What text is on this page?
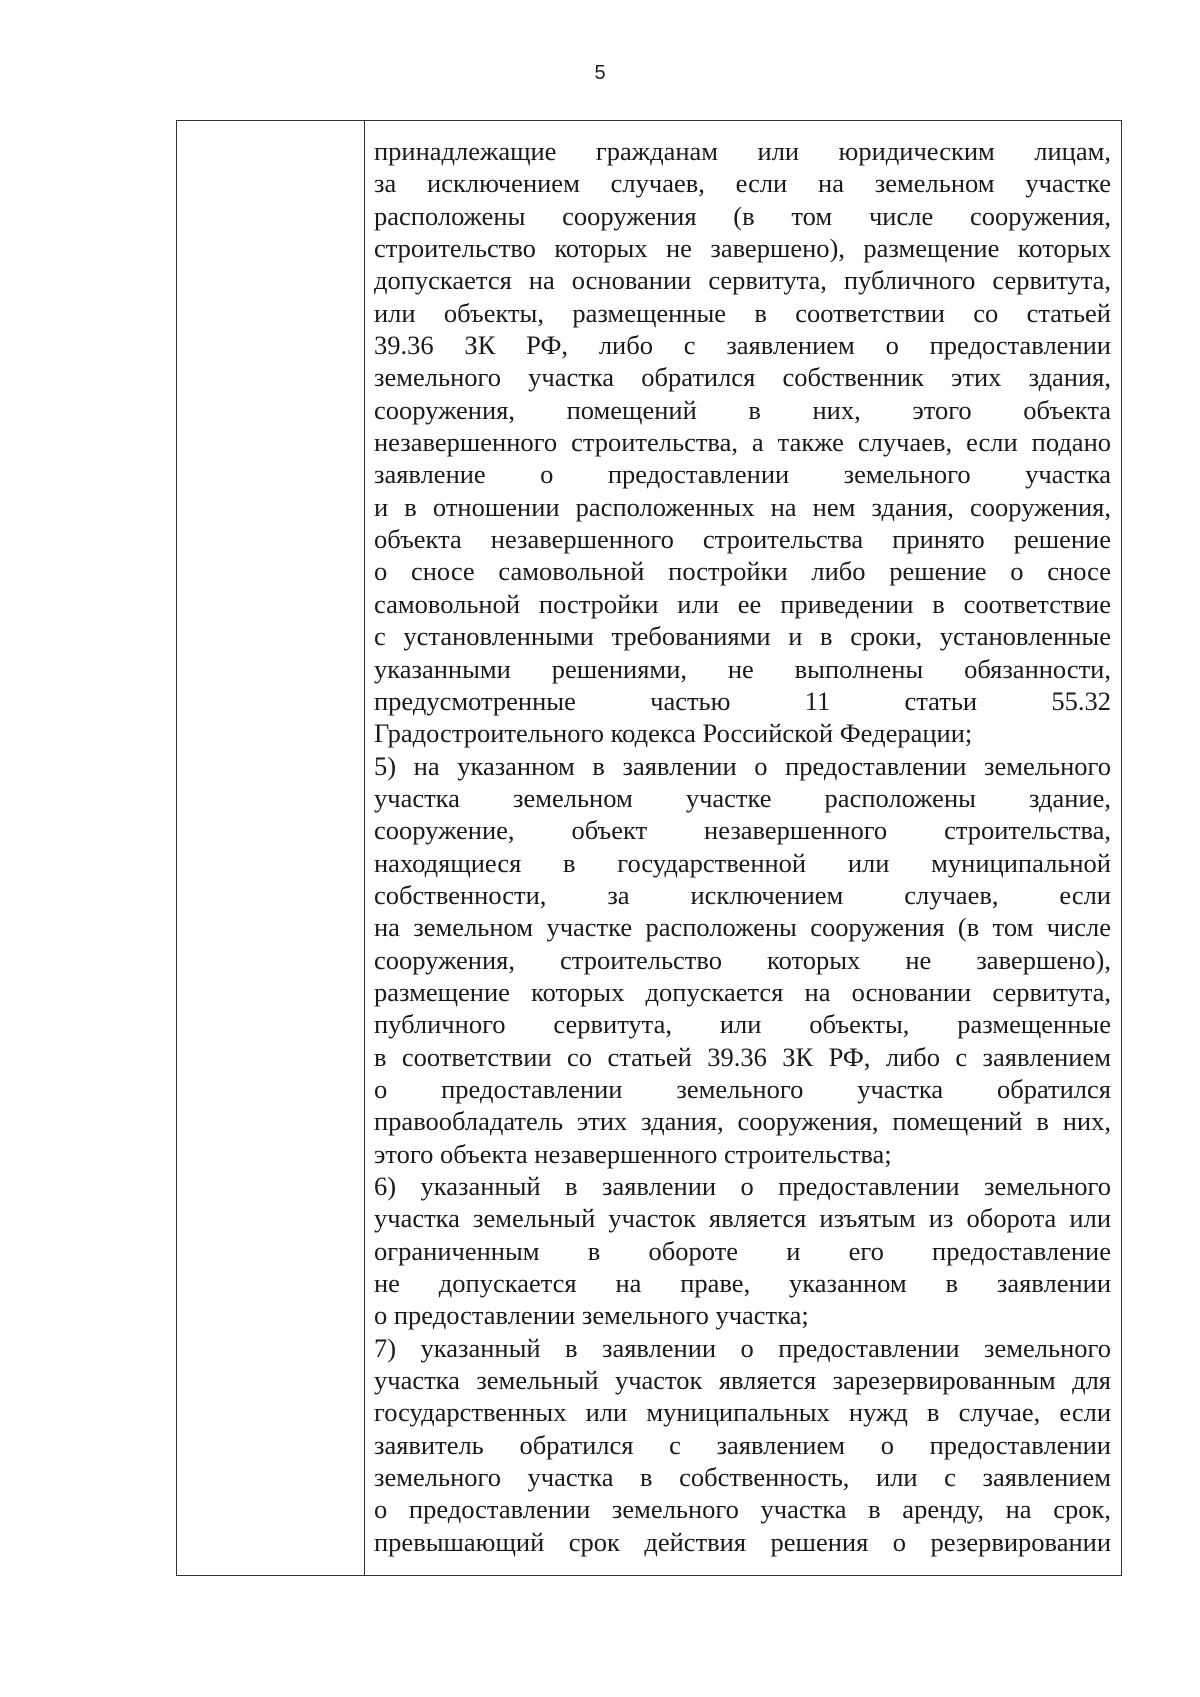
5
принадлежащие гражданам или юридическим лицам,
за исключением случаев, если на земельном участке
расположены сооружения (в том числе сооружения,
строительство которых не завершено), размещение которых
допускается на основании сервитута, публичного сервитута,
или объекты, размещенные в соответствии со статьей
39.36 ЗК РФ, либо с заявлением о предоставлении
земельного участка обратился собственник этих здания,
сооружения, помещений в них, этого объекта
незавершенного строительства, а также случаев, если подано
заявление о предоставлении земельного участка
и в отношении расположенных на нем здания, сооружения,
объекта незавершенного строительства принято решение
о сносе самовольной постройки либо решение о сносе
самовольной постройки или ее приведении в соответствие
с установленными требованиями и в сроки, установленные
указанными решениями, не выполнены обязанности,
предусмотренные частью 11 статьи 55.32
Градостроительного кодекса Российской Федерации;
5) на указанном в заявлении о предоставлении земельного
участка земельном участке расположены здание,
сооружение, объект незавершенного строительства,
находящиеся в государственной или муниципальной
собственности, за исключением случаев, если
на земельном участке расположены сооружения (в том числе
сооружения, строительство которых не завершено),
размещение которых допускается на основании сервитута,
публичного сервитута, или объекты, размещенные
в соответствии со статьей 39.36 ЗК РФ, либо с заявлением
о предоставлении земельного участка обратился
правообладатель этих здания, сооружения, помещений в них,
этого объекта незавершенного строительства;
6) указанный в заявлении о предоставлении земельного
участка земельный участок является изъятым из оборота или
ограниченным в обороте и его предоставление
не допускается на праве, указанном в заявлении
о предоставлении земельного участка;
7) указанный в заявлении о предоставлении земельного
участка земельный участок является зарезервированным для
государственных или муниципальных нужд в случае, если
заявитель обратился с заявлением о предоставлении
земельного участка в собственность, или с заявлением
о предоставлении земельного участка в аренду, на срок,
превышающий срок действия решения о резервировании
